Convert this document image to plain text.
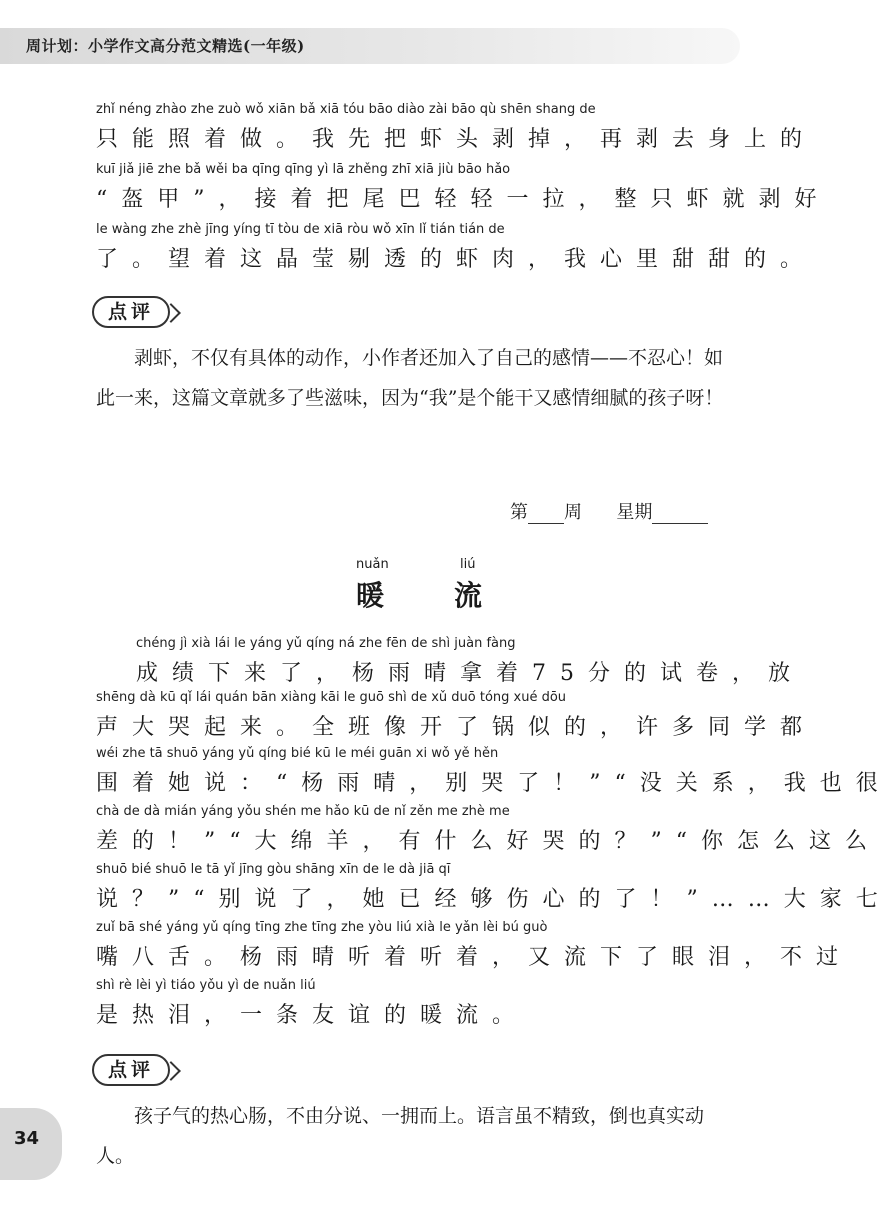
周计划：小学作文高分范文精选(一年级)
zhǐ néng zhào zhe zuò wǒ xiān bǎ xiā tóu bāo diào zài bāo qù shēn shang de
只能照着做。我先把虾头剥掉，再剥去身上的
kuī jiǎ jiē zhe bǎ wěi ba qīng qīng yì lā zhěng zhī xiā jiù bāo hǎo
“盔甲”，接着把尾巴轻轻一拉，整只虾就剥好
le wàng zhe zhè jīng yíng tī tòu de xiā ròu wǒ xīn lǐ tián tián de
了。望着这晶莹剔透的虾肉，我心里甜甜的。
点评
剥虾，不仅有具体的动作，小作者还加入了自己的感情——不忍心！如此一来，这篇文章就多了些滋味，因为“我”是个能干又感情细腻的孩子呀！
第 周 星期
nuǎn	liú
暖 流
chéng jì xià lái le yáng yǔ qíng ná zhe fēn de shì juàn fàng
成绩下来了，杨雨晴拿着75分的试卷，放
shēng dà kū qǐ lái quán bān xiàng kāi le guō shì de xǔ duō tóng xué dōu
声大哭起来。全班像开了锅似的，许多同学都
wéi zhe tā shuō yáng yǔ qíng bié kū le méi guān xi wǒ yě hěn
围着她说：“杨雨晴，别哭了！”“没关系，我也很
chà de dà mián yáng yǒu shén me hǎo kū de nǐ zěn me zhè me
差的！”“大绵羊，有什么好哭的？”“你怎么这么
shuō bié shuō le tā yǐ jīng gòu shāng xīn de le dà jiā qī
说？”“别说了，她已经够伤心的了！”……大家七
zuǐ bā shé yáng yǔ qíng tīng zhe tīng zhe yòu liú xià le yǎn lèi bú guò
嘴八舌。杨雨晴听着听着，又流下了眼泪，不过
shì rè lèi yì tiáo yǒu yì de nuǎn liú
是热泪，一条友谊的暖流。
点评
孩子气的热心肠，不由分说、一拥而上。语言虽不精致，倒也真实动人。
34
